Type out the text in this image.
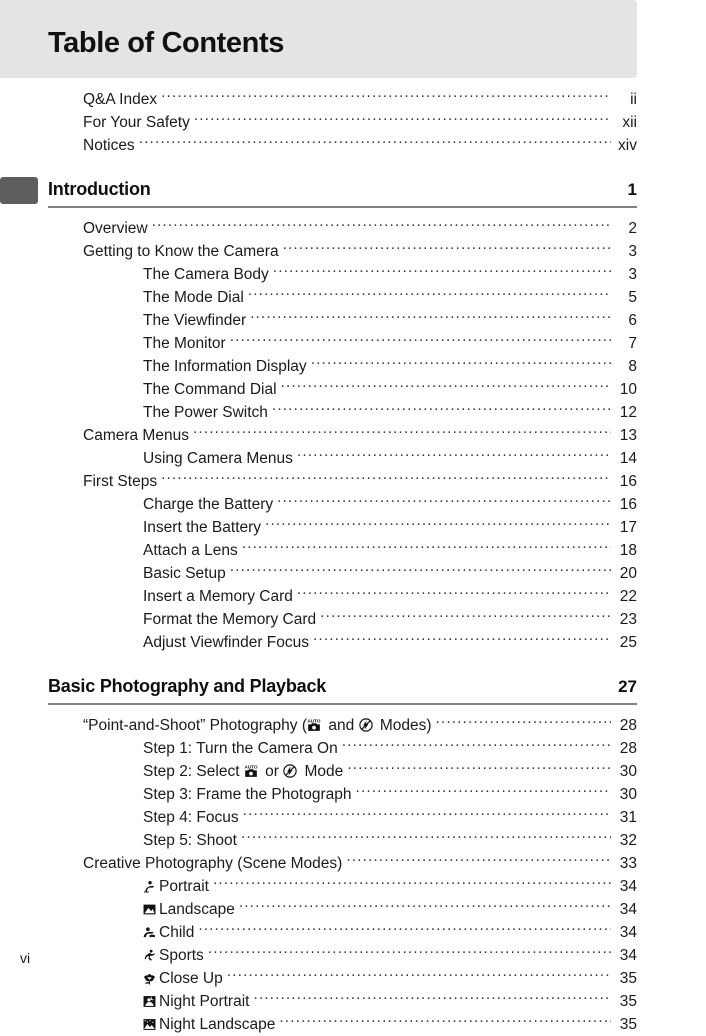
Table of Contents
Q&A Index .....	ii
For Your Safety .....	xii
Notices .....	xiv
Introduction	1
Overview .....	2
Getting to Know the Camera .....	3
The Camera Body .....	3
The Mode Dial .....	5
The Viewfinder .....	6
The Monitor .....	7
The Information Display .....	8
The Command Dial .....	10
The Power Switch .....	12
Camera Menus .....	13
Using Camera Menus .....	14
First Steps .....	16
Charge the Battery .....	16
Insert the Battery .....	17
Attach a Lens .....	18
Basic Setup .....	20
Insert a Memory Card .....	22
Format the Memory Card .....	23
Adjust Viewfinder Focus .....	25
Basic Photography and Playback	27
“Point-and-Shoot” Photography ( AUTO and
Modes) .....	28
Step 1: Turn the Camera On .....	28
Step 2: Select AUTO or
Mode .....	30
Step 3: Frame the Photograph .....	30
Step 4: Focus .....	31
Step 5: Shoot .....	32
Creative Photography (Scene Modes) .....	33
Portrait .....	34
Landscape .....	34
Child .....	34
Sports .....	34
Close Up .....	35
Night Portrait .....	35
Night Landscape .....	35
vi
